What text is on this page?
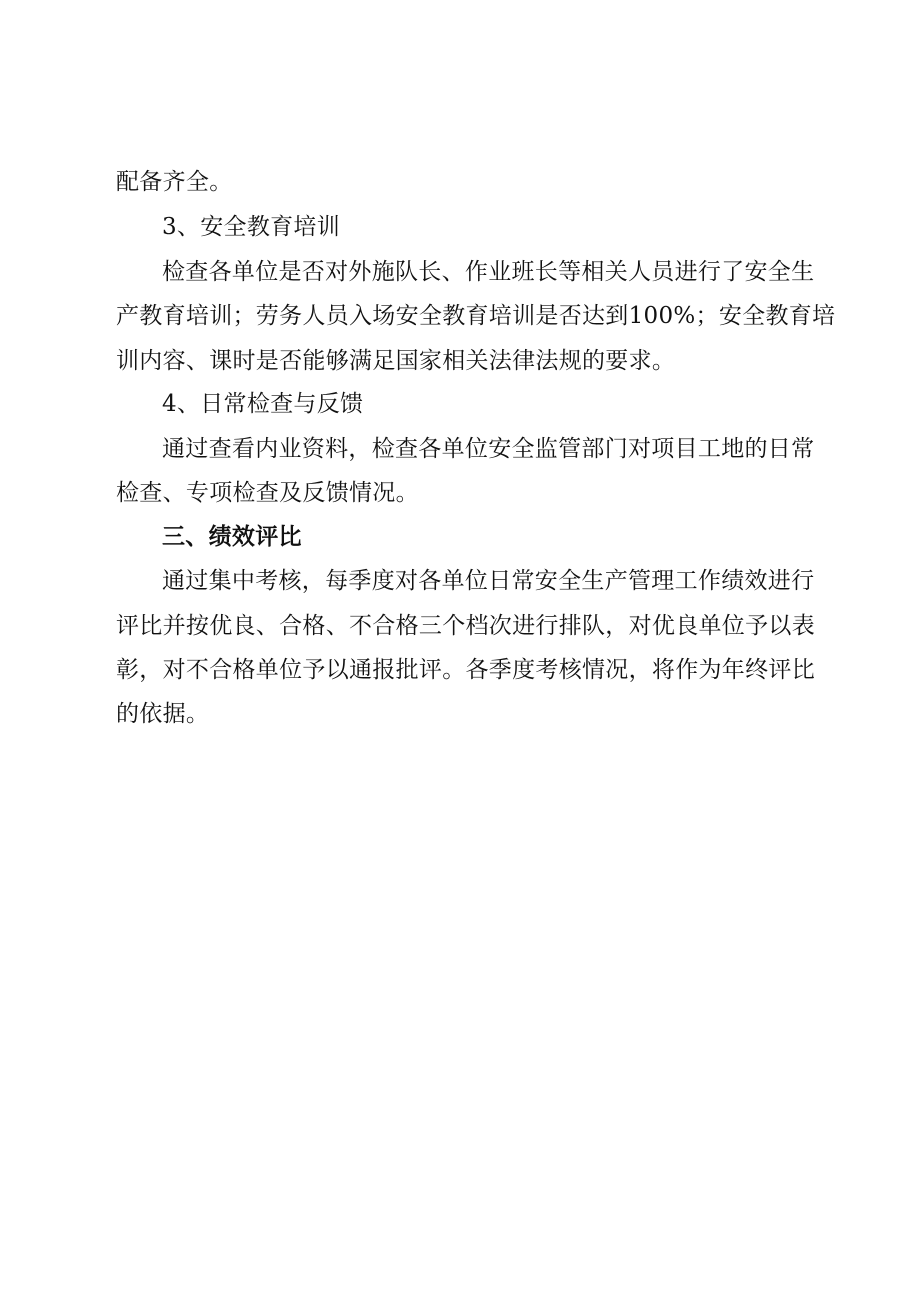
配备齐全。
3、安全教育培训
检查各单位是否对外施队长、作业班长等相关人员进行了安全生
产教育培训；劳务人员入场安全教育培训是否达到100%；安全教育培
训内容、课时是否能够满足国家相关法律法规的要求。
4、日常检查与反馈
通过查看内业资料，检查各单位安全监管部门对项目工地的日常
检查、专项检查及反馈情况。
三、绩效评比
通过集中考核，每季度对各单位日常安全生产管理工作绩效进行
评比并按优良、合格、不合格三个档次进行排队，对优良单位予以表
彰，对不合格单位予以通报批评。各季度考核情况，将作为年终评比
的依据。
